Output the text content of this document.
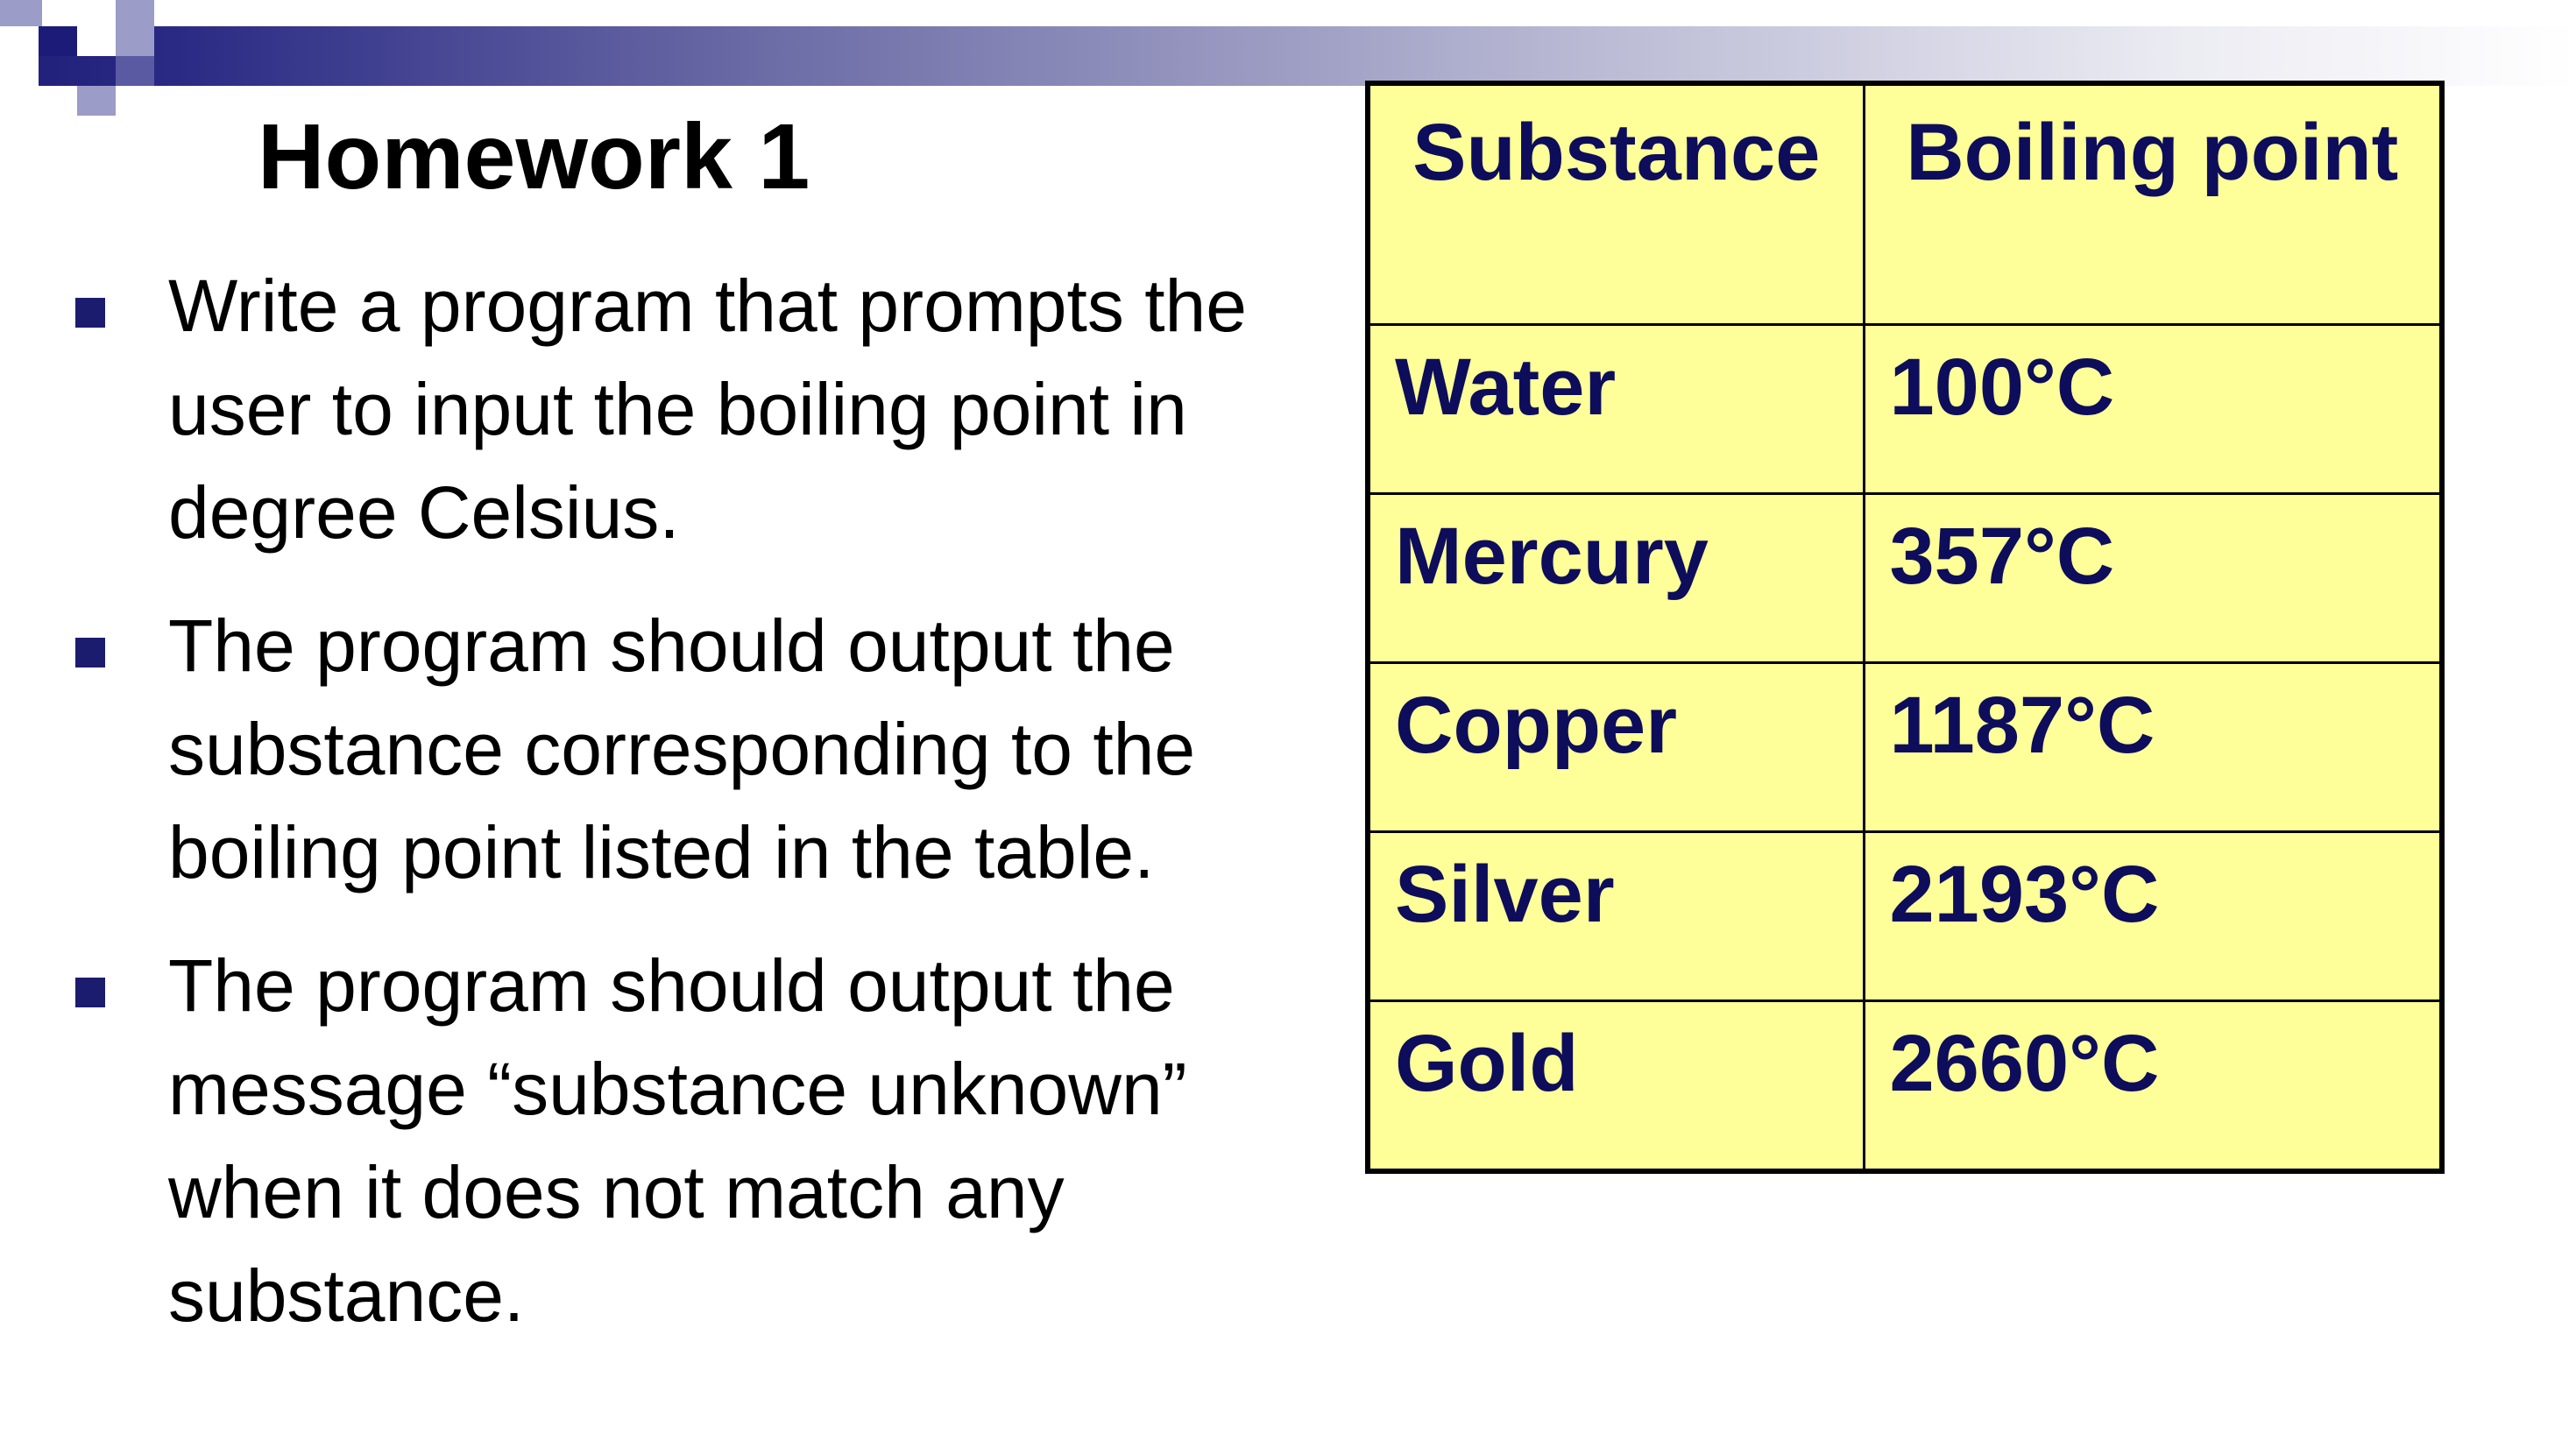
Homework 1
Write a program that prompts the user to input the boiling point in degree Celsius.
The program should output the substance corresponding to the boiling point listed in the table.
The program should output the message “substance unknown” when it does not match any substance.
Substance	Boiling point
Water	100°C
Mercury	357°C
Copper	1187°C
Silver	2193°C
Gold	2660°C
